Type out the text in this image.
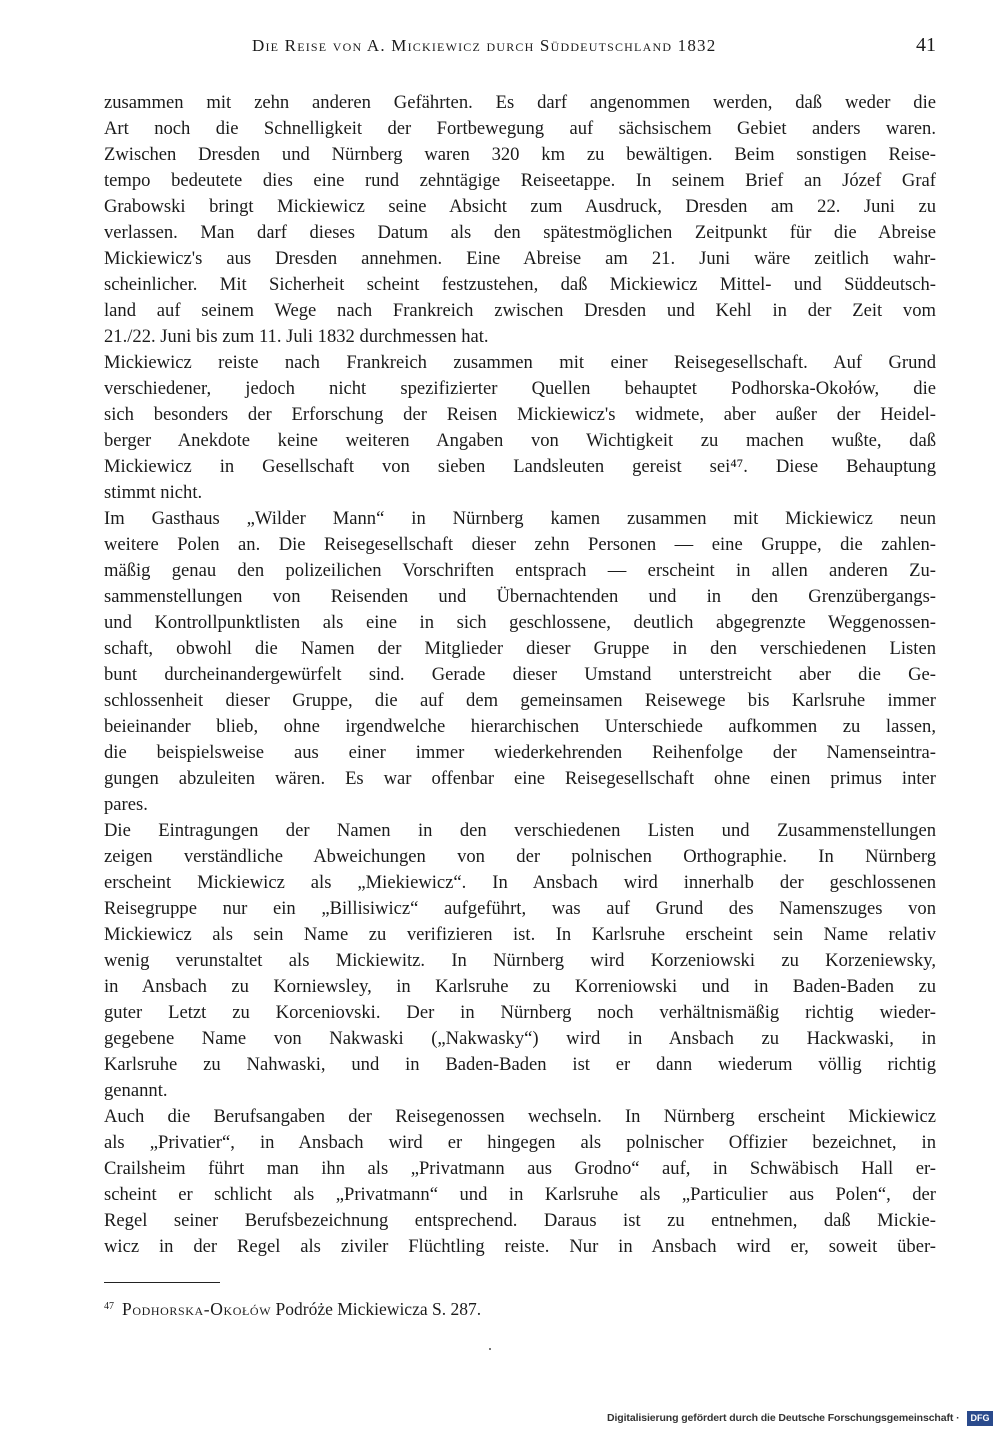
Die Reise von A. Mickiewicz durch Süddeutschland 1832	41
zusammen mit zehn anderen Gefährten. Es darf angenommen werden, daß weder die
Art noch die Schnelligkeit der Fortbewegung auf sächsischem Gebiet anders waren.
Zwischen Dresden und Nürnberg waren 320 km zu bewältigen. Beim sonstigen Reise-
tempo bedeutete dies eine rund zehntägige Reiseetappe. In seinem Brief an Józef Graf
Grabowski bringt Mickiewicz seine Absicht zum Ausdruck, Dresden am 22. Juni zu
verlassen. Man darf dieses Datum als den spätestmöglichen Zeitpunkt für die Abreise
Mickiewicz's aus Dresden annehmen. Eine Abreise am 21. Juni wäre zeitlich wahr-
scheinlicher. Mit Sicherheit scheint festzustehen, daß Mickiewicz Mittel- und Süddeutsch-
land auf seinem Wege nach Frankreich zwischen Dresden und Kehl in der Zeit vom
21./22. Juni bis zum 11. Juli 1832 durchmessen hat.
Mickiewicz reiste nach Frankreich zusammen mit einer Reisegesellschaft. Auf Grund
verschiedener, jedoch nicht spezifizierter Quellen behauptet Podhorska-Okołów, die
sich besonders der Erforschung der Reisen Mickiewicz's widmete, aber außer der Heidel-
berger Anekdote keine weiteren Angaben von Wichtigkeit zu machen wußte, daß
Mickiewicz in Gesellschaft von sieben Landsleuten gereist sei⁴⁷. Diese Behauptung
stimmt nicht.
Im Gasthaus „Wilder Mann“ in Nürnberg kamen zusammen mit Mickiewicz neun
weitere Polen an. Die Reisegesellschaft dieser zehn Personen — eine Gruppe, die zahlen-
mäßig genau den polizeilichen Vorschriften entsprach — erscheint in allen anderen Zu-
sammenstellungen von Reisenden und Übernachtenden und in den Grenzübergangs-
und Kontrollpunktlisten als eine in sich geschlossene, deutlich abgegrenzte Weggenossen-
schaft, obwohl die Namen der Mitglieder dieser Gruppe in den verschiedenen Listen
bunt durcheinandergewürfelt sind. Gerade dieser Umstand unterstreicht aber die Ge-
schlossenheit dieser Gruppe, die auf dem gemeinsamen Reisewege bis Karlsruhe immer
beieinander blieb, ohne irgendwelche hierarchischen Unterschiede aufkommen zu lassen,
die beispielsweise aus einer immer wiederkehrenden Reihenfolge der Namenseintra-
gungen abzuleiten wären. Es war offenbar eine Reisegesellschaft ohne einen primus inter
pares.
Die Eintragungen der Namen in den verschiedenen Listen und Zusammenstellungen
zeigen verständliche Abweichungen von der polnischen Orthographie. In Nürnberg
erscheint Mickiewicz als „Miekiewicz“. In Ansbach wird innerhalb der geschlossenen
Reisegruppe nur ein „Billisiwicz“ aufgeführt, was auf Grund des Namenszuges von
Mickiewicz als sein Name zu verifizieren ist. In Karlsruhe erscheint sein Name relativ
wenig verunstaltet als Mickiewitz. In Nürnberg wird Korzeniowski zu Korzeniewsky,
in Ansbach zu Korniewsley, in Karlsruhe zu Korreniowski und in Baden-Baden zu
guter Letzt zu Korceniovski. Der in Nürnberg noch verhältnismäßig richtig wieder-
gegebene Name von Nakwaski („Nakwasky“) wird in Ansbach zu Hackwaski, in
Karlsruhe zu Nahwaski, und in Baden-Baden ist er dann wiederum völlig richtig
genannt.
Auch die Berufsangaben der Reisegenossen wechseln. In Nürnberg erscheint Mickiewicz
als „Privatier“, in Ansbach wird er hingegen als polnischer Offizier bezeichnet, in
Crailsheim führt man ihn als „Privatmann aus Grodno“ auf, in Schwäbisch Hall er-
scheint er schlicht als „Privatmann“ und in Karlsruhe als „Particulier aus Polen“, der
Regel seiner Berufsbezeichnung entsprechend. Daraus ist zu entnehmen, daß Mickie-
wicz in der Regel als ziviler Flüchtling reiste. Nur in Ansbach wird er, soweit über-
$^{47}$ Podhorska-Okołów Podróże Mickiewicza S. 287.
Digitalisierung gefördert durch die Deutsche Forschungsgemeinschaft ·	DFG
